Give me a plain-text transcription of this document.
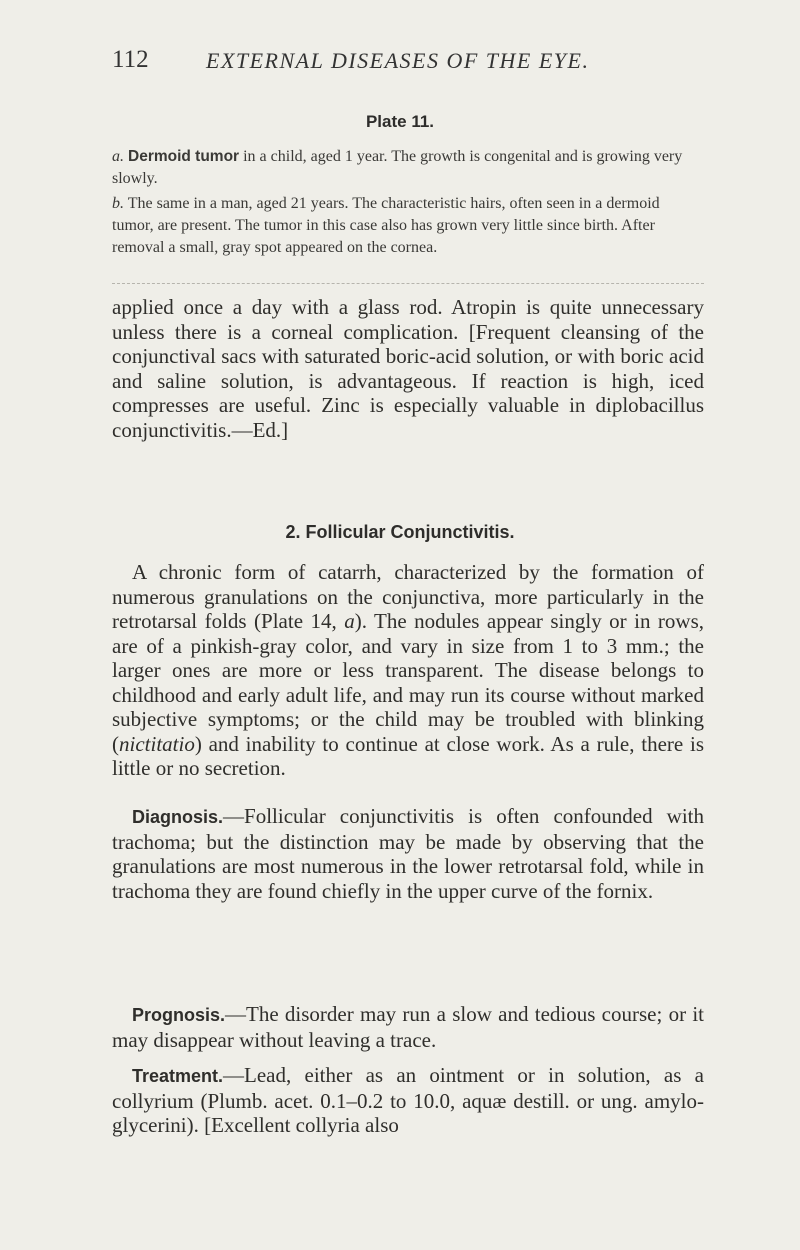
112	EXTERNAL DISEASES OF THE EYE.
Plate 11.
a. Dermoid tumor in a child, aged 1 year. The growth is congenital and is growing very slowly.
b. The same in a man, aged 21 years. The characteristic hairs, often seen in a dermoid tumor, are present. The tumor in this case also has grown very little since birth. After removal a small, gray spot appeared on the cornea.
applied once a day with a glass rod. Atropin is quite unnecessary unless there is a corneal complication. [Frequent cleansing of the conjunctival sacs with saturated boric-acid solution, or with boric acid and saline solution, is advantageous. If reaction is high, iced compresses are useful. Zinc is especially valuable in diplobacillus conjunctivitis.—Ed.]
2. Follicular Conjunctivitis.
A chronic form of catarrh, characterized by the formation of numerous granulations on the conjunctiva, more particularly in the retrotarsal folds (Plate 14, a). The nodules appear singly or in rows, are of a pinkish-gray color, and vary in size from 1 to 3 mm.; the larger ones are more or less transparent. The disease belongs to childhood and early adult life, and may run its course without marked subjective symptoms; or the child may be troubled with blinking (nictitatio) and inability to continue at close work. As a rule, there is little or no secretion.
Diagnosis.—Follicular conjunctivitis is often confounded with trachoma; but the distinction may be made by observing that the granulations are most numerous in the lower retrotarsal fold, while in trachoma they are found chiefly in the upper curve of the fornix.
Prognosis.—The disorder may run a slow and tedious course; or it may disappear without leaving a trace.
Treatment.—Lead, either as an ointment or in solution, as a collyrium (Plumb. acet. 0.1–0.2 to 10.0, aquæ destill. or ung. amylo-glycerini). [Excellent collyria also
